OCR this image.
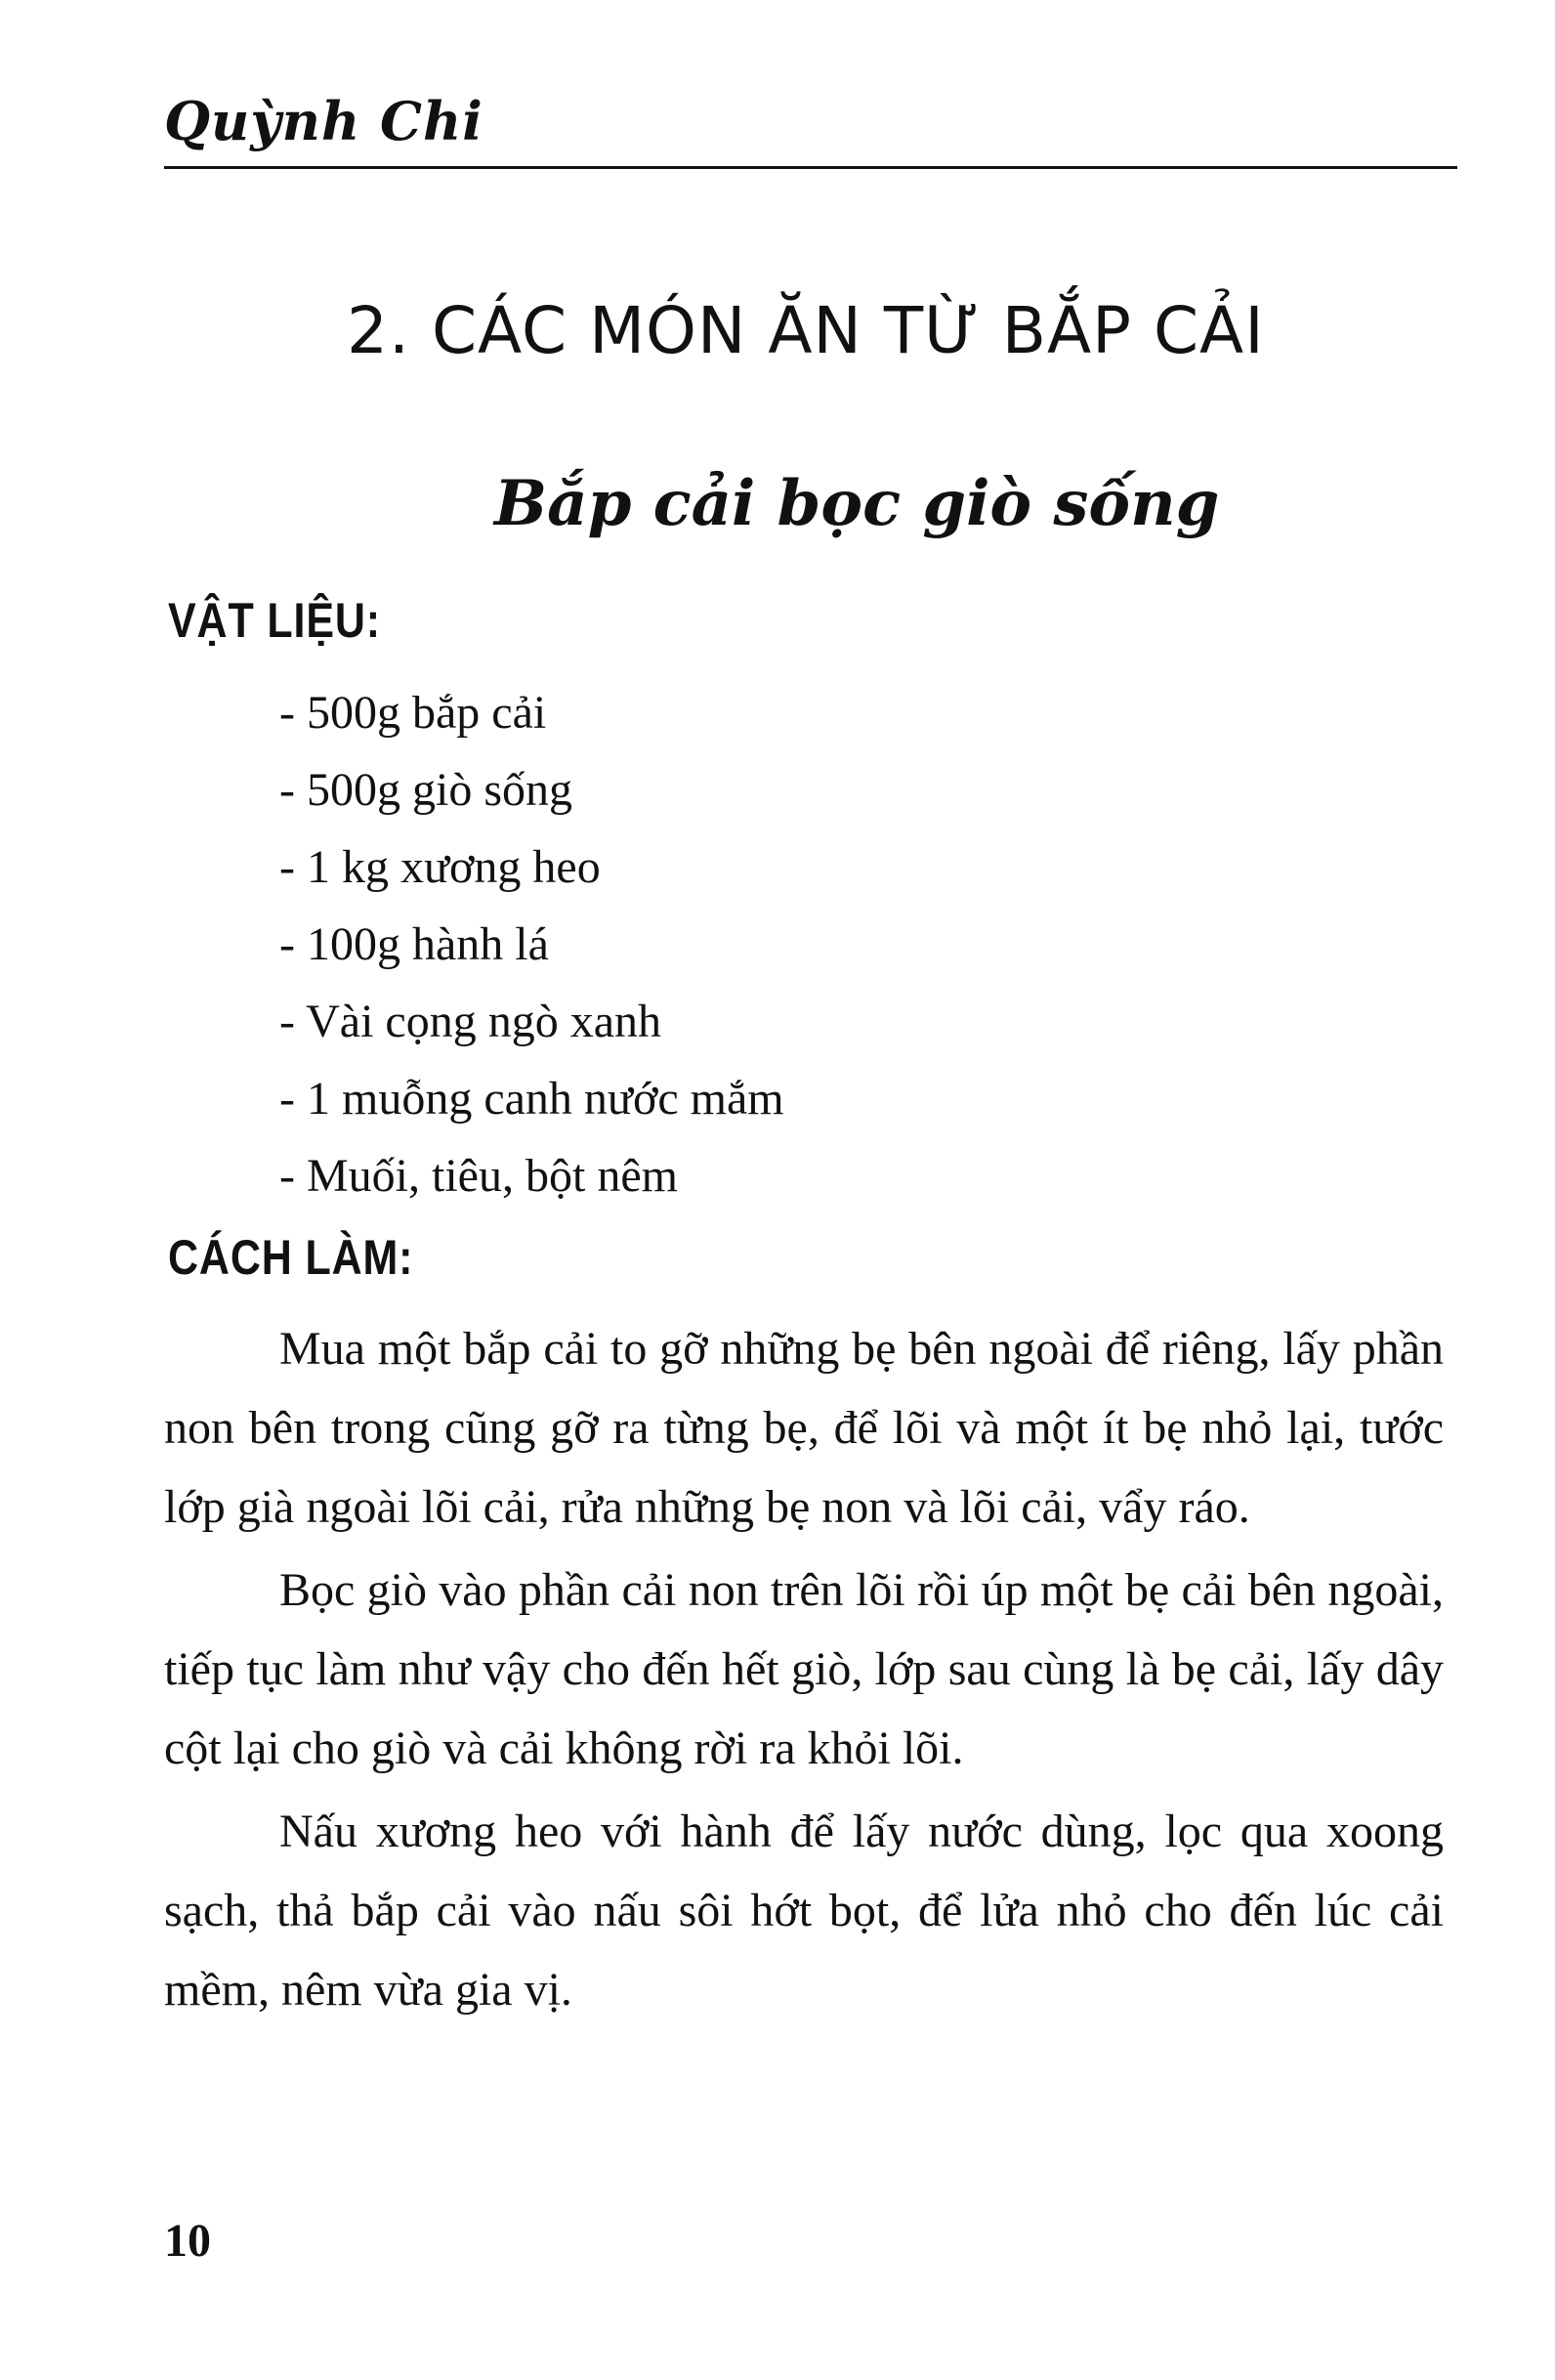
Quỳnh Chi
2. CÁC MÓN ĂN TỪ BẮP CẢI
Bắp cải bọc giò sống
VẬT LIỆU:
- 500g bắp cải
- 500g giò sống
- 1 kg xương heo
- 100g hành lá
- Vài cọng ngò xanh
- 1 muỗng canh nước mắm
- Muối, tiêu, bột nêm
CÁCH LÀM:

Mua một bắp cải to gỡ những bẹ bên ngoài để riêng, lấy phần non bên trong cũng gỡ ra từng bẹ, để lõi và một ít bẹ nhỏ lại, tước lớp già ngoài lõi cải, rửa những bẹ non và lõi cải, vẩy ráo.

Bọc giò vào phần cải non trên lõi rồi úp một bẹ cải bên ngoài, tiếp tục làm như vậy cho đến hết giò, lớp sau cùng là bẹ cải, lấy dây cột lại cho giò và cải không rời ra khỏi lõi.

Nấu xương heo với hành để lấy nước dùng, lọc qua xoong sạch, thả bắp cải vào nấu sôi hớt bọt, để lửa nhỏ cho đến lúc cải mềm, nêm vừa gia vị.

10
